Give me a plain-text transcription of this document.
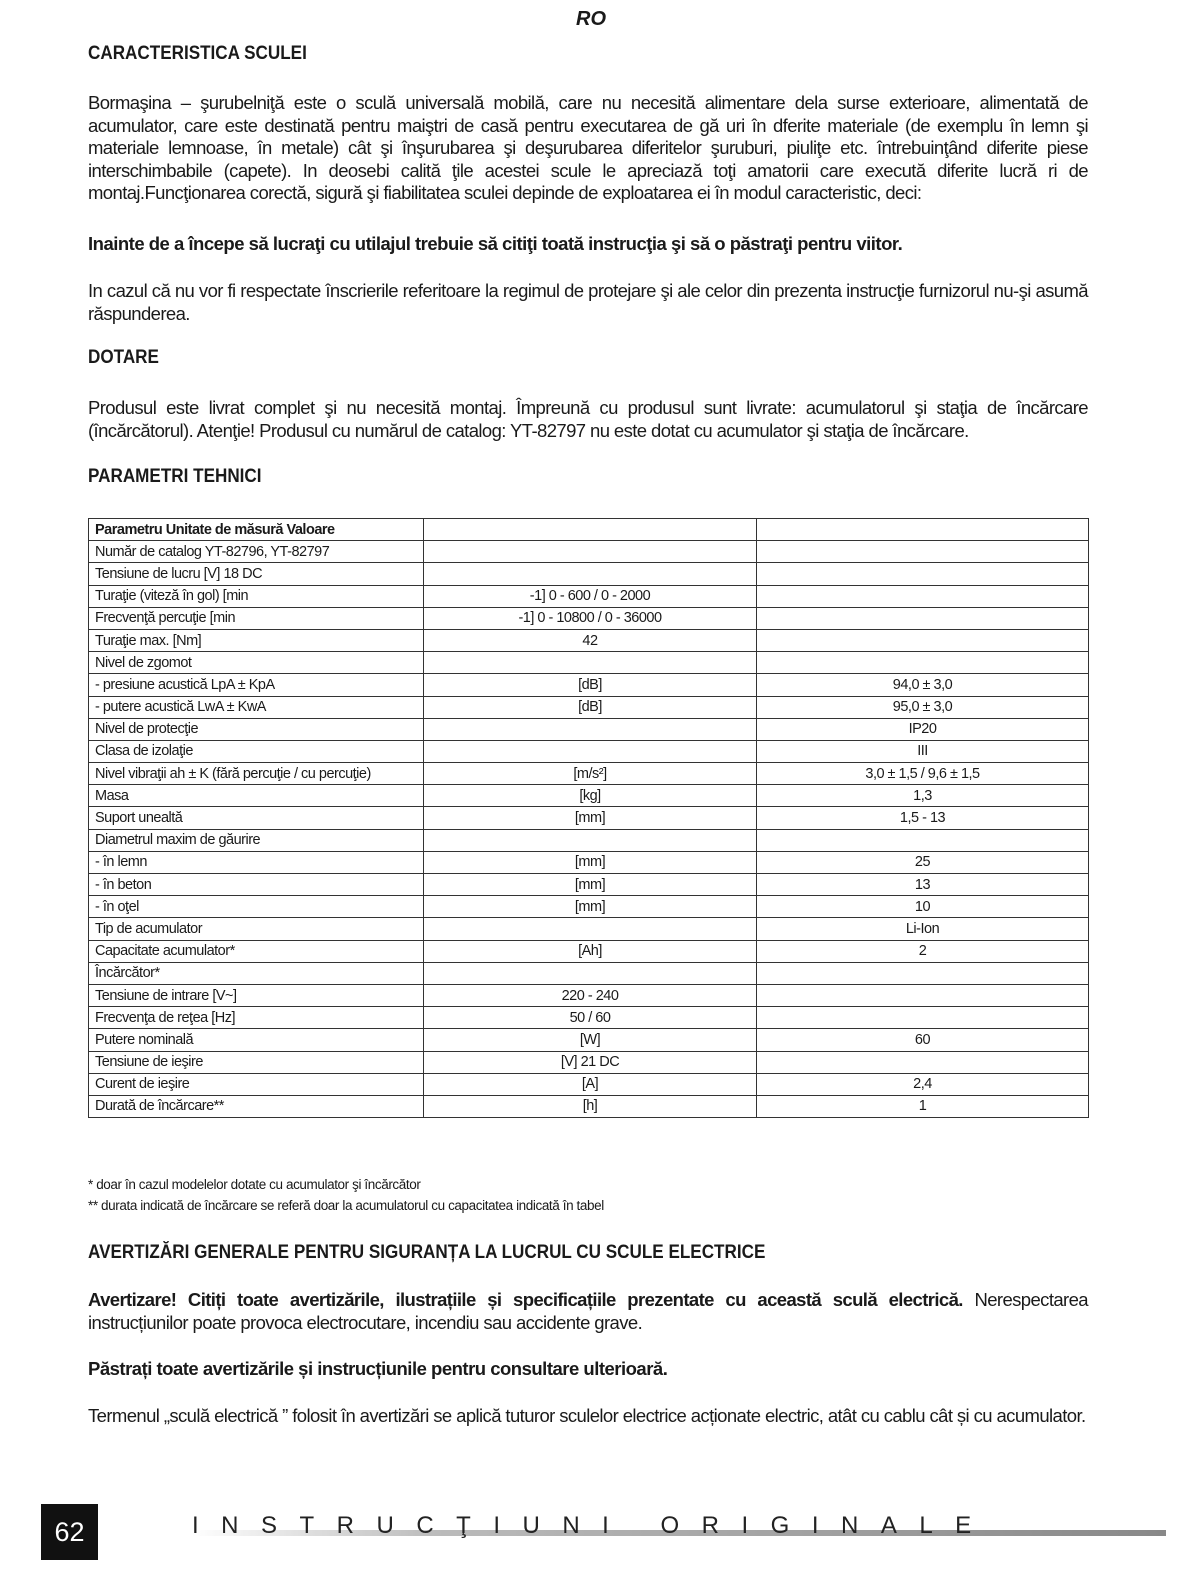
RO
CARACTERISTICA SCULEI
Bormaşina – şurubelniţă este o sculă universală mobilă, care nu necesită alimentare dela surse exterioare, alimentată de acumulator, care este destinată pentru maiştri de casă pentru executarea de gă uri în dferite materiale (de exemplu în lemn şi materiale lemnoase, în metale) cât şi înşurubarea şi deşurubarea diferitelor şuruburi, piuliţe etc. întrebuinţând diferite piese interschimbabile (capete). In deosebi calită ţile acestei scule le apreciază toţi amatorii care execută diferite lucră ri de montaj.Funcţionarea corectă, sigură şi fiabilitatea sculei depinde de exploatarea ei în modul caracteristic, deci:
Inainte de a începe să lucraţi cu utilajul trebuie să citiţi toată instrucţia şi să o păstraţi pentru viitor.
In cazul că nu vor fi respectate înscrierile referitoare la regimul de protejare şi ale celor din prezenta instrucţie furnizorul nu-şi asumă răspunderea.
DOTARE
Produsul este livrat complet şi nu necesită montaj. Împreună cu produsul sunt livrate: acumulatorul şi staţia de încărcare (încărcătorul). Atenţie! Produsul cu numărul de catalog: YT-82797 nu este dotat cu acumulator şi staţia de încărcare.
PARAMETRI TEHNICI
Parametru Unitate de măsură Valoare		
Număr de catalog YT-82796, YT-82797		
Tensiune de lucru [V] 18 DC		
Turaţie (viteză în gol) [min	-1] 0 - 600 / 0 - 2000	
Frecvenţă percuţie [min	-1] 0 - 10800 / 0 - 36000	
Turaţie max. [Nm]	42	
Nivel de zgomot		
- presiune acustică LpA ± KpA	[dB]	94,0 ± 3,0
- putere acustică LwA ± KwA	[dB]	95,0 ± 3,0
Nivel de protecţie		IP20
Clasa de izolaţie		III
Nivel vibraţii ah ± K (fără percuţie / cu percuţie)	[m/s²]	3,0 ± 1,5 / 9,6 ± 1,5
Masa	[kg]	1,3
Suport unealtă	[mm]	1,5 - 13
Diametrul maxim de găurire		
- în lemn	[mm]	25
- în beton	[mm]	13
- în oţel	[mm]	10
Tip de acumulator		Li-Ion
Capacitate acumulator*	[Ah]	2
Încărcător*		
Tensiune de intrare [V~]	220 - 240	
Frecvenţa de reţea [Hz]	50 / 60	
Putere nominală	[W]	60
Tensiune de ieşire	[V] 21 DC	
Curent de ieşire	[A]	2,4
Durată de încărcare**	[h]	1
* doar în cazul modelelor dotate cu acumulator şi încărcător
** durata indicată de încărcare se referă doar la acumulatorul cu capacitatea indicată în tabel
AVERTIZĂRI GENERALE PENTRU SIGURANȚA LA LUCRUL CU SCULE ELECTRICE
Avertizare! Citiți toate avertizările, ilustrațiile și specificațiile prezentate cu această sculă electrică. Nerespectarea instrucțiunilor poate provoca electrocutare, incendiu sau accidente grave.
Păstrați toate avertizările și instrucțiunile pentru consultare ulterioară.
Termenul „sculă electrică ” folosit în avertizări se aplică tuturor sculelor electrice acționate electric, atât cu cablu cât și cu acumulator.
62	INSTRUCŢIUNI ORIGINALE
